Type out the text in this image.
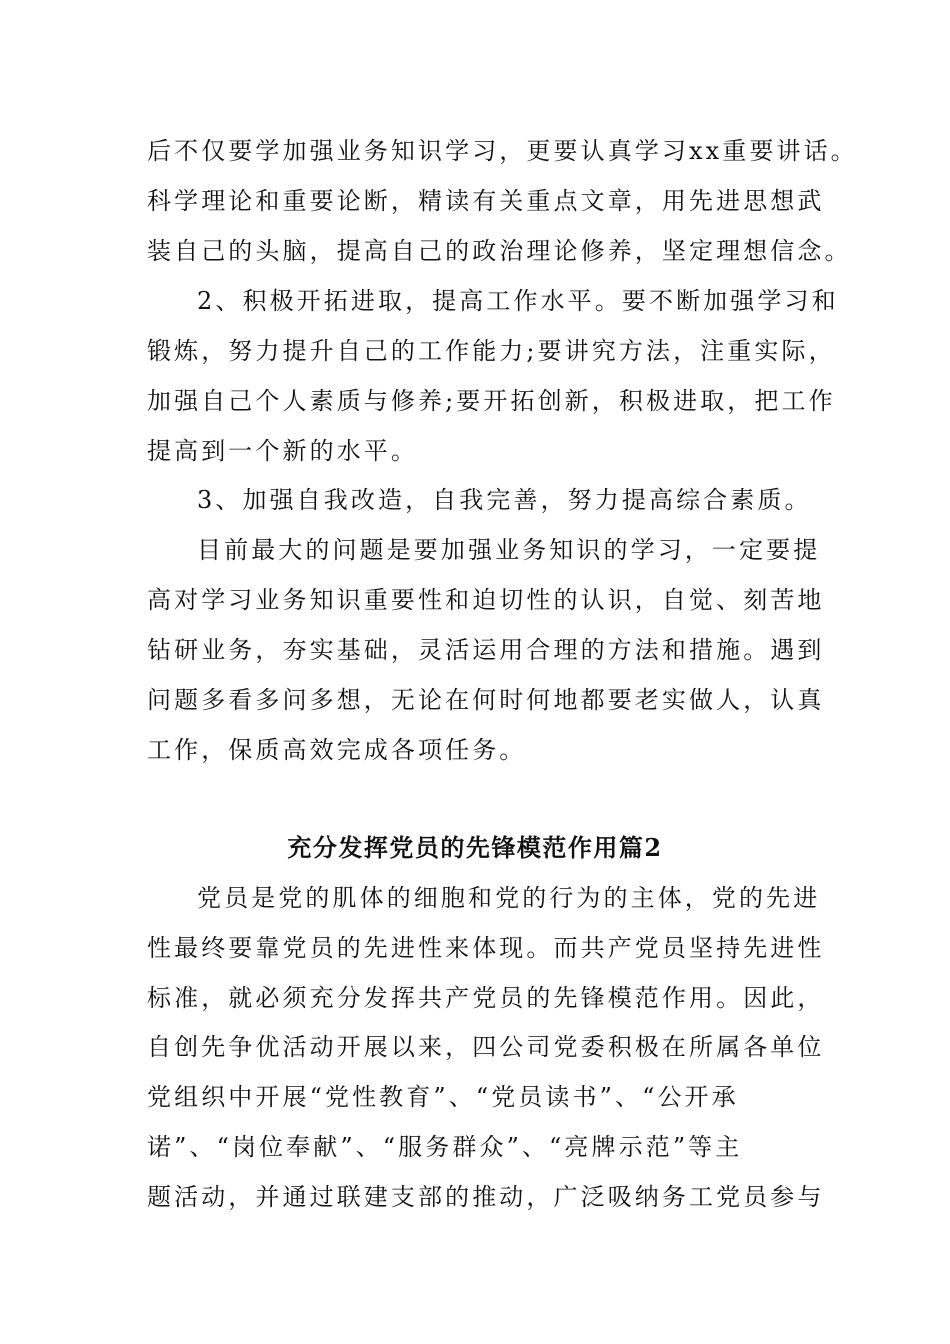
后不仅要学加强业务知识学习，更要认真学习xx重要讲话。
科学理论和重要论断，精读有关重点文章，用先进思想武
装自己的头脑，提高自己的政治理论修养，坚定理想信念。
2、积极开拓进取，提高工作水平。要不断加强学习和
锻炼，努力提升自己的工作能力;要讲究方法，注重实际，
加强自己个人素质与修养;要开拓创新，积极进取，把工作
提高到一个新的水平。
3、加强自我改造，自我完善，努力提高综合素质。
目前最大的问题是要加强业务知识的学习，一定要提
高对学习业务知识重要性和迫切性的认识，自觉、刻苦地
钻研业务，夯实基础，灵活运用合理的方法和措施。遇到
问题多看多问多想，无论在何时何地都要老实做人，认真
工作，保质高效完成各项任务。
充分发挥党员的先锋模范作用篇2
党员是党的肌体的细胞和党的行为的主体，党的先进
性最终要靠党员的先进性来体现。而共产党员坚持先进性
标准，就必须充分发挥共产党员的先锋模范作用。因此，
自创先争优活动开展以来，四公司党委积极在所属各单位
党组织中开展“党性教育”、“党员读书”、“公开承
诺”、“岗位奉献”、“服务群众”、“亮牌示范”等主
题活动，并通过联建支部的推动，广泛吸纳务工党员参与
